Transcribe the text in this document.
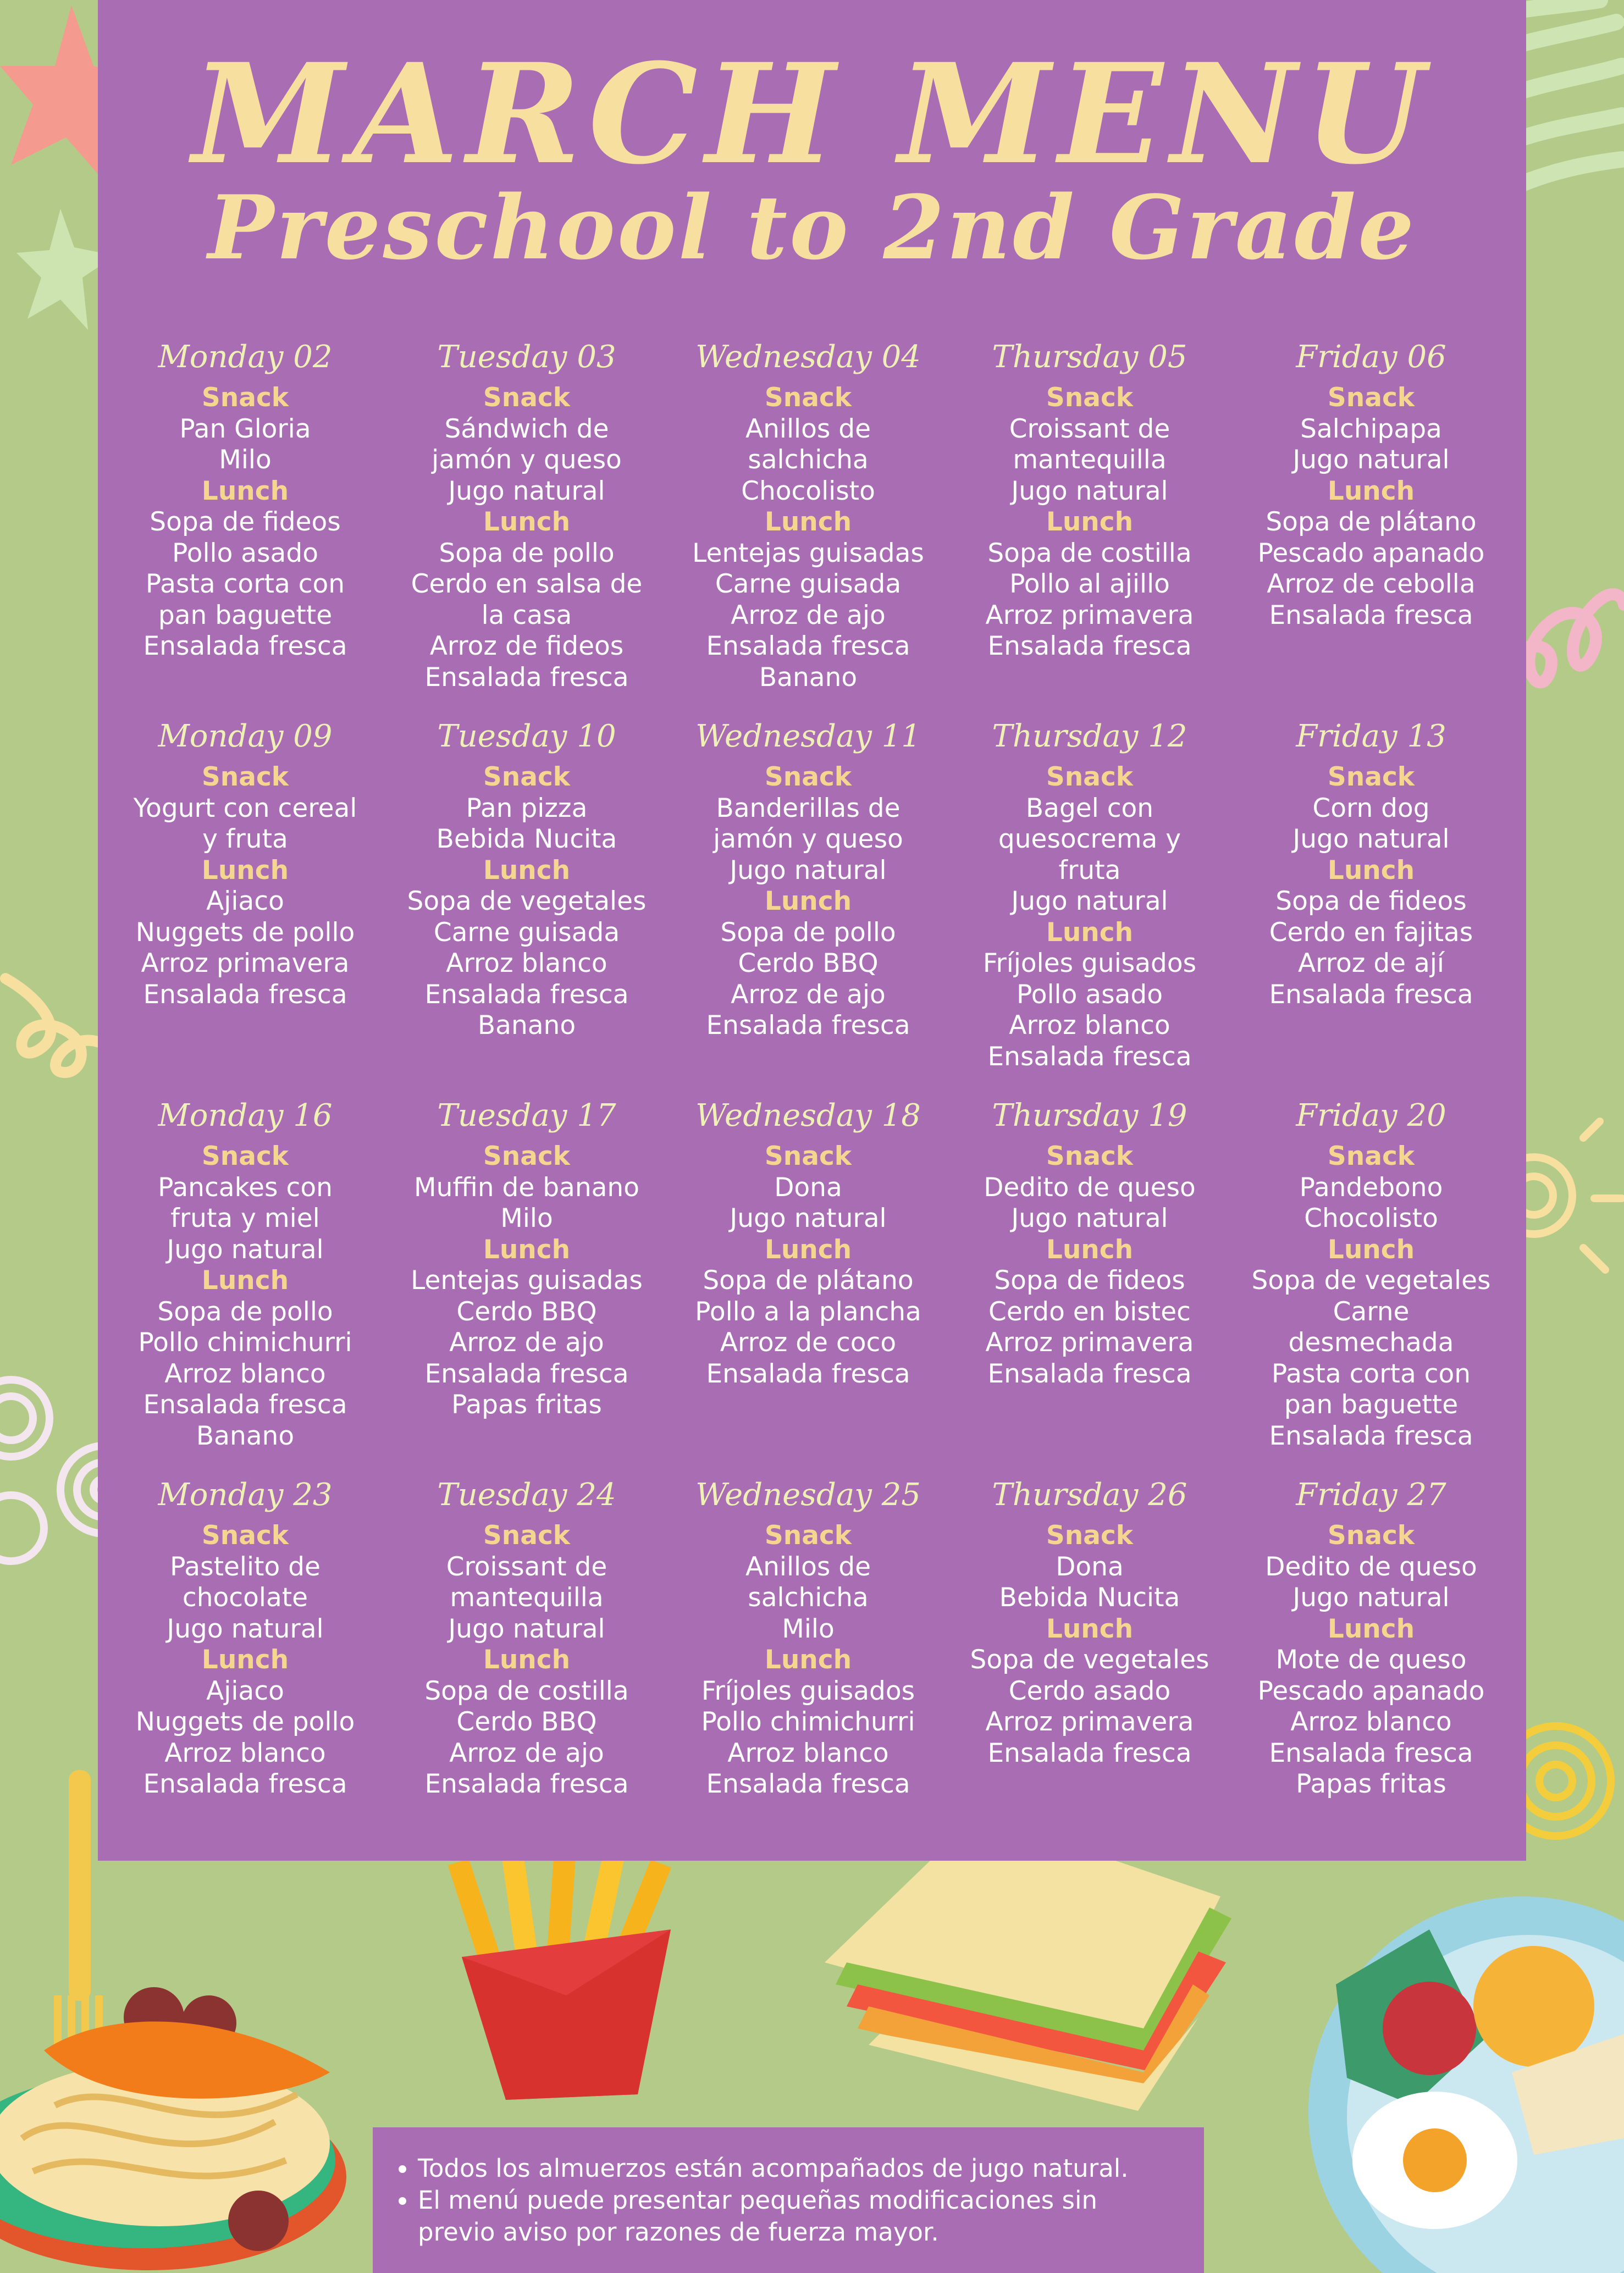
MARCH MENU
Preschool to 2nd Grade
Monday 02
Snack
Pan Gloria
Milo
Lunch
Sopa de fideos
Pollo asado
Pasta corta con
pan baguette
Ensalada fresca
Tuesday 03
Snack
Sándwich de
jamón y queso
Jugo natural
Lunch
Sopa de pollo
Cerdo en salsa de
la casa
Arroz de fideos
Ensalada fresca
Wednesday 04
Snack
Anillos de
salchicha
Chocolisto
Lunch
Lentejas guisadas
Carne guisada
Arroz de ajo
Ensalada fresca
Banano
Thursday 05
Snack
Croissant de
mantequilla
Jugo natural
Lunch
Sopa de costilla
Pollo al ajillo
Arroz primavera
Ensalada fresca
Friday 06
Snack
Salchipapa
Jugo natural
Lunch
Sopa de plátano
Pescado apanado
Arroz de cebolla
Ensalada fresca
Monday 09
Snack
Yogurt con cereal
y fruta
Lunch
Ajiaco
Nuggets de pollo
Arroz primavera
Ensalada fresca
Tuesday 10
Snack
Pan pizza
Bebida Nucita
Lunch
Sopa de vegetales
Carne guisada
Arroz blanco
Ensalada fresca
Banano
Wednesday 11
Snack
Banderillas de
jamón y queso
Jugo natural
Lunch
Sopa de pollo
Cerdo BBQ
Arroz de ajo
Ensalada fresca
Thursday 12
Snack
Bagel con
quesocrema y
fruta
Jugo natural
Lunch
Fríjoles guisados
Pollo asado
Arroz blanco
Ensalada fresca
Friday 13
Snack
Corn dog
Jugo natural
Lunch
Sopa de fideos
Cerdo en fajitas
Arroz de ají
Ensalada fresca
Monday 16
Snack
Pancakes con
fruta y miel
Jugo natural
Lunch
Sopa de pollo
Pollo chimichurri
Arroz blanco
Ensalada fresca
Banano
Tuesday 17
Snack
Muffin de banano
Milo
Lunch
Lentejas guisadas
Cerdo BBQ
Arroz de ajo
Ensalada fresca
Papas fritas
Wednesday 18
Snack
Dona
Jugo natural
Lunch
Sopa de plátano
Pollo a la plancha
Arroz de coco
Ensalada fresca
Thursday 19
Snack
Dedito de queso
Jugo natural
Lunch
Sopa de fideos
Cerdo en bistec
Arroz primavera
Ensalada fresca
Friday 20
Snack
Pandebono
Chocolisto
Lunch
Sopa de vegetales
Carne
desmechada
Pasta corta con
pan baguette
Ensalada fresca
Monday 23
Snack
Pastelito de
chocolate
Jugo natural
Lunch
Ajiaco
Nuggets de pollo
Arroz blanco
Ensalada fresca
Tuesday 24
Snack
Croissant de
mantequilla
Jugo natural
Lunch
Sopa de costilla
Cerdo BBQ
Arroz de ajo
Ensalada fresca
Wednesday 25
Snack
Anillos de
salchicha
Milo
Lunch
Fríjoles guisados
Pollo chimichurri
Arroz blanco
Ensalada fresca
Thursday 26
Snack
Dona
Bebida Nucita
Lunch
Sopa de vegetales
Cerdo asado
Arroz primavera
Ensalada fresca
Friday 27
Snack
Dedito de queso
Jugo natural
Lunch
Mote de queso
Pescado apanado
Arroz blanco
Ensalada fresca
Papas fritas
• Todos los almuerzos están acompañados de jugo natural.
• El menú puede presentar pequeñas modificaciones sin previo aviso por razones de fuerza mayor.
